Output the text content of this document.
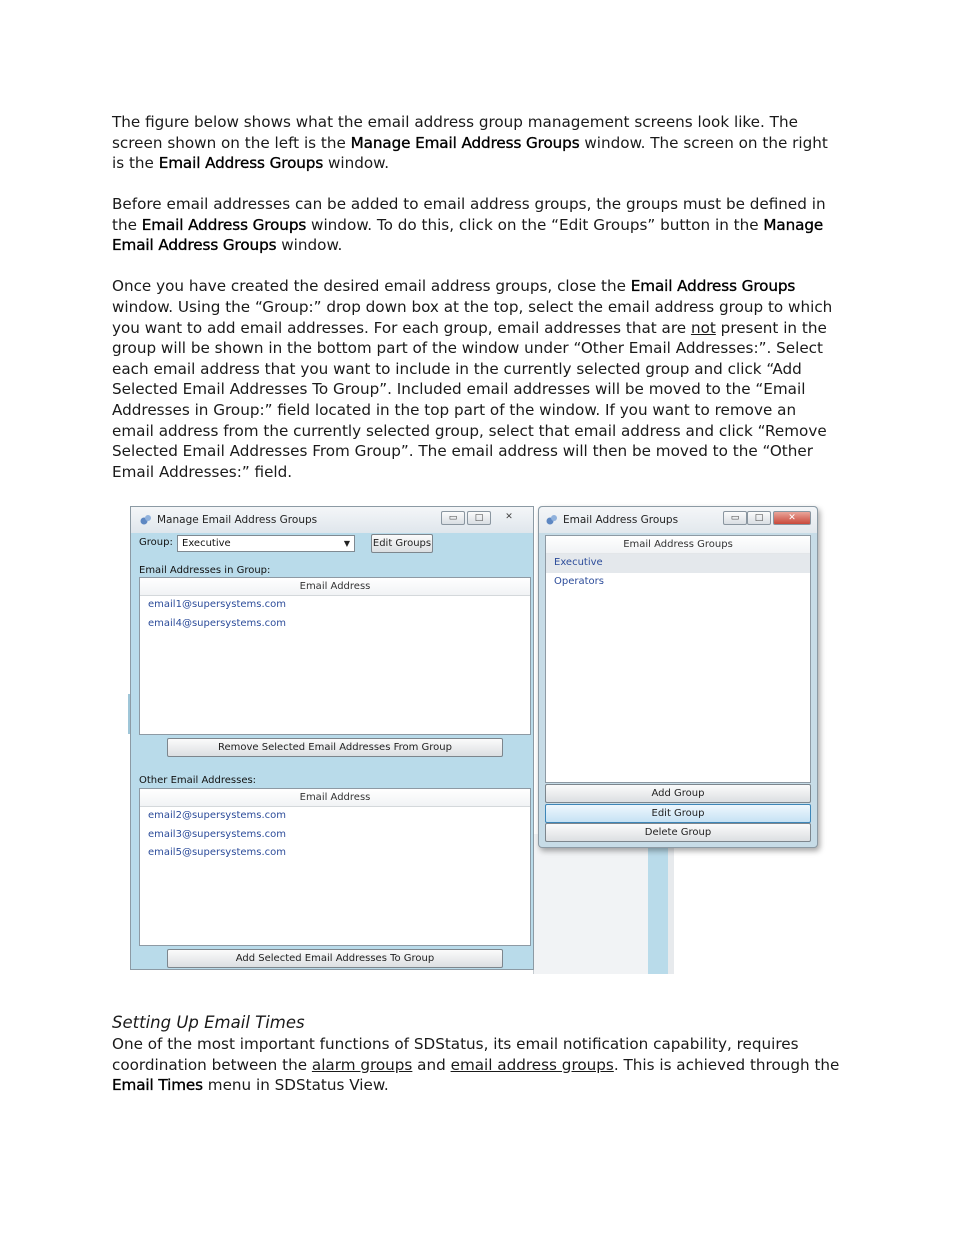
The figure below shows what the email address group management screens look like. The screen shown on the left is the Manage Email Address Groups window. The screen on the right is the Email Address Groups window.

Before email addresses can be added to email address groups, the groups must be defined in the Email Address Groups window. To do this, click on the “Edit Groups” button in the Manage Email Address Groups window.

Once you have created the desired email address groups, close the Email Address Groups window. Using the “Group:” drop down box at the top, select the email address group to which you want to add email addresses. For each group, email addresses that are not present in the group will be shown in the bottom part of the window under “Other Email Addresses:”. Select each email address that you want to include in the currently selected group and click “Add Selected Email Addresses To Group”. Included email addresses will be moved to the “Email Addresses in Group:” field located in the top part of the window. If you want to remove an email address from the currently selected group, select that email address and click “Remove Selected Email Addresses From Group”. The email address will then be moved to the “Other Email Addresses:” field.

Manage Email Address Groups	▭	□	✕
Group: Executive	▼ Edit Groups
Email Addresses in Group:
Email Address
email1@supersystems.com
email4@supersystems.com
Remove Selected Email Addresses From Group
Other Email Addresses:
Email Address
email2@supersystems.com
email3@supersystems.com
email5@supersystems.com
Add Selected Email Addresses To Group
Email Address Groups	▭	□	✕
Email Address Groups
Executive
Operators
Add Group
Edit Group
Delete Group
Setting Up Email Times

One of the most important functions of SDStatus, its email notification capability, requires coordination between the alarm groups and email address groups. This is achieved through the Email Times menu in SDStatus View.
